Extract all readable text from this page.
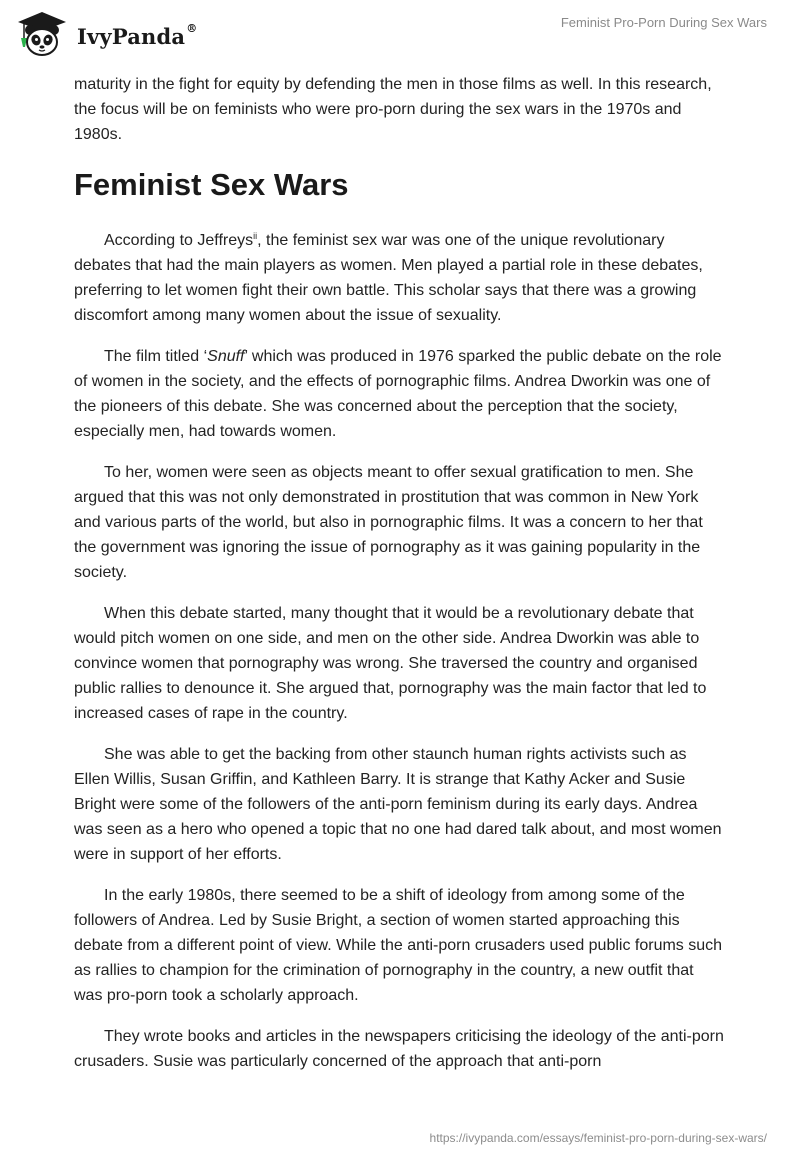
IvyPanda®	Feminist Pro-Porn During Sex Wars

maturity in the fight for equity by defending the men in those films as well. In this research, the focus will be on feminists who were pro-porn during the sex wars in the 1970s and 1980s.

Feminist Sex Wars

According to Jeffreys$^{ii}$, the feminist sex war was one of the unique revolutionary debates that had the main players as women. Men played a partial role in these debates, preferring to let women fight their own battle. This scholar says that there was a growing discomfort among many women about the issue of sexuality.

The film titled ‘Snuff’ which was produced in 1976 sparked the public debate on the role of women in the society, and the effects of pornographic films. Andrea Dworkin was one of the pioneers of this debate. She was concerned about the perception that the society, especially men, had towards women.

To her, women were seen as objects meant to offer sexual gratification to men. She argued that this was not only demonstrated in prostitution that was common in New York and various parts of the world, but also in pornographic films. It was a concern to her that the government was ignoring the issue of pornography as it was gaining popularity in the society.

When this debate started, many thought that it would be a revolutionary debate that would pitch women on one side, and men on the other side. Andrea Dworkin was able to convince women that pornography was wrong. She traversed the country and organised public rallies to denounce it. She argued that, pornography was the main factor that led to increased cases of rape in the country.

She was able to get the backing from other staunch human rights activists such as Ellen Willis, Susan Griffin, and Kathleen Barry. It is strange that Kathy Acker and Susie Bright were some of the followers of the anti-porn feminism during its early days. Andrea was seen as a hero who opened a topic that no one had dared talk about, and most women were in support of her efforts.

In the early 1980s, there seemed to be a shift of ideology from among some of the followers of Andrea. Led by Susie Bright, a section of women started approaching this debate from a different point of view. While the anti-porn crusaders used public forums such as rallies to champion for the crimination of pornography in the country, a new outfit that was pro-porn took a scholarly approach.

They wrote books and articles in the newspapers criticising the ideology of the anti-porn crusaders. Susie was particularly concerned of the approach that anti-porn

https://ivypanda.com/essays/feminist-pro-porn-during-sex-wars/
